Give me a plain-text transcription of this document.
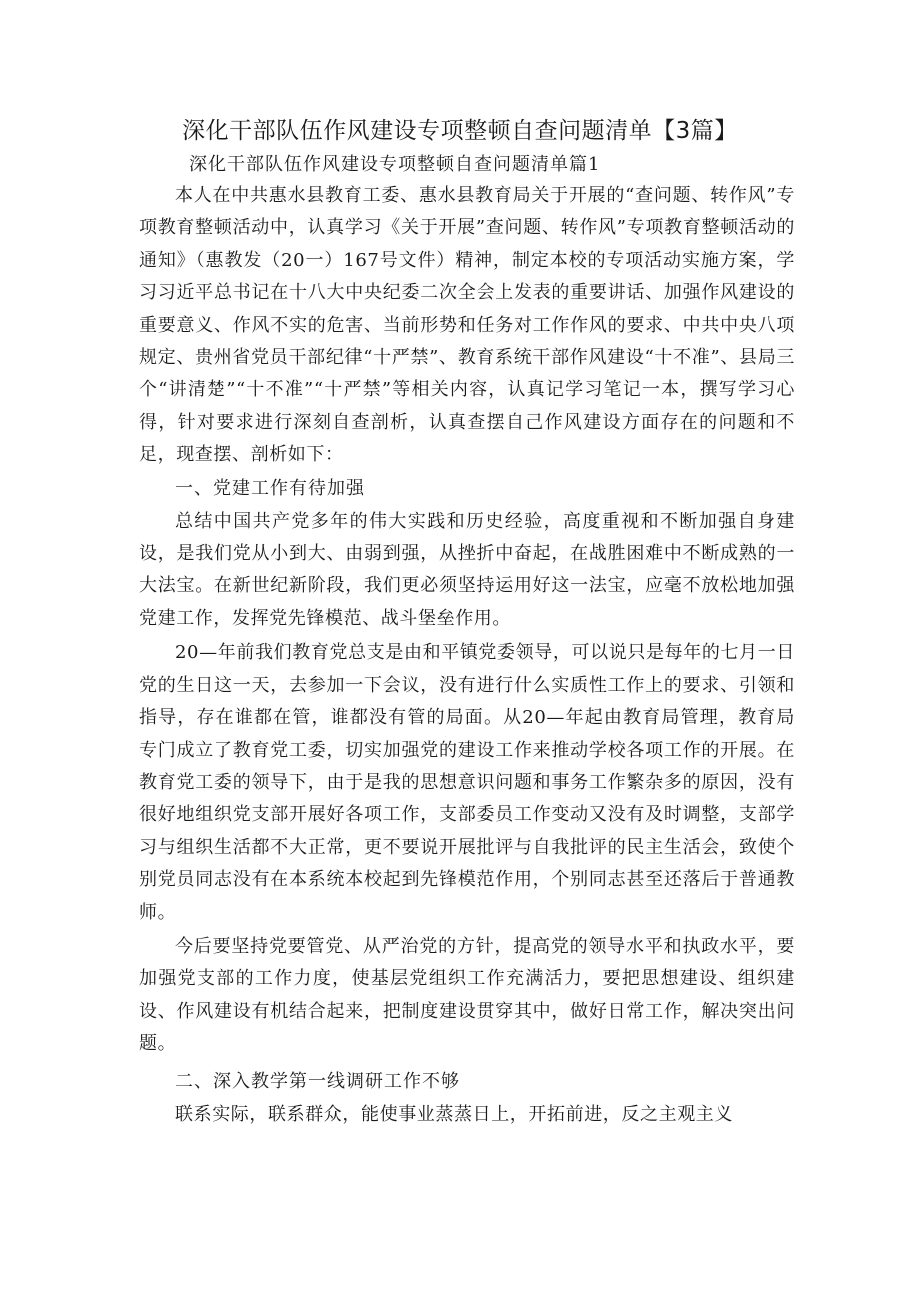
深化干部队伍作风建设专项整顿自查问题清单【3篇】

深化干部队伍作风建设专项整顿自查问题清单篇1

本人在中共惠水县教育工委、惠水县教育局关于开展的“查问题、转作风”专项教育整顿活动中，认真学习《关于开展”查问题、转作风”专项教育整顿活动的通知》（惠教发（20一）167号文件）精神，制定本校的专项活动实施方案，学习习近平总书记在十八大中央纪委二次全会上发表的重要讲话、加强作风建设的重要意义、作风不实的危害、当前形势和任务对工作作风的要求、中共中央八项规定、贵州省党员干部纪律“十严禁”、教育系统干部作风建设“十不准”、县局三个“讲清楚”“十不准”“十严禁”等相关内容，认真记学习笔记一本，撰写学习心得，针对要求进行深刻自查剖析，认真查摆自己作风建设方面存在的问题和不足，现查摆、剖析如下：

一、党建工作有待加强

总结中国共产党多年的伟大实践和历史经验，高度重视和不断加强自身建设，是我们党从小到大、由弱到强，从挫折中奋起，在战胜困难中不断成熟的一大法宝。在新世纪新阶段，我们更必须坚持运用好这一法宝，应毫不放松地加强党建工作，发挥党先锋模范、战斗堡垒作用。

20—年前我们教育党总支是由和平镇党委领导，可以说只是每年的七月一日党的生日这一天，去参加一下会议，没有进行什么实质性工作上的要求、引领和指导，存在谁都在管，谁都没有管的局面。从20—年起由教育局管理，教育局专门成立了教育党工委，切实加强党的建设工作来推动学校各项工作的开展。在教育党工委的领导下，由于是我的思想意识问题和事务工作繁杂多的原因，没有很好地组织党支部开展好各项工作，支部委员工作变动又没有及时调整，支部学习与组织生活都不大正常，更不要说开展批评与自我批评的民主生活会，致使个别党员同志没有在本系统本校起到先锋模范作用，个别同志甚至还落后于普通教师。

今后要坚持党要管党、从严治党的方针，提高党的领导水平和执政水平，要加强党支部的工作力度，使基层党组织工作充满活力，要把思想建设、组织建设、作风建设有机结合起来，把制度建设贯穿其中，做好日常工作，解决突出问题。

二、深入教学第一线调研工作不够

联系实际，联系群众，能使事业蒸蒸日上，开拓前进，反之主观主义
